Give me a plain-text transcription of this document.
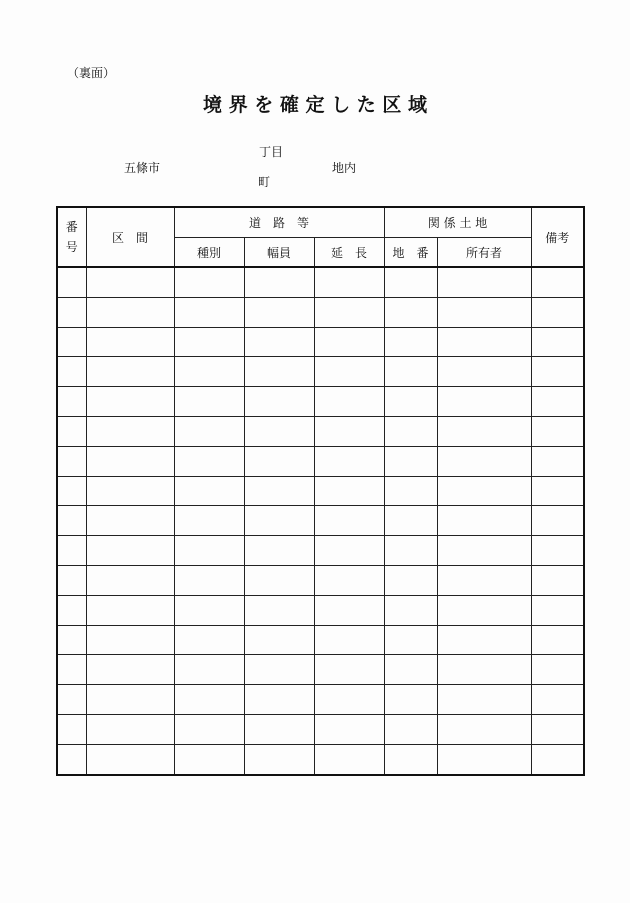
（裏面）
境 界 を 確 定 し た 区 域
五條市
丁目
町
地内
番
号	区　間	道　路　等			関 係 土 地		備考
		種別	幅員	延　長	地　番	所有者	
